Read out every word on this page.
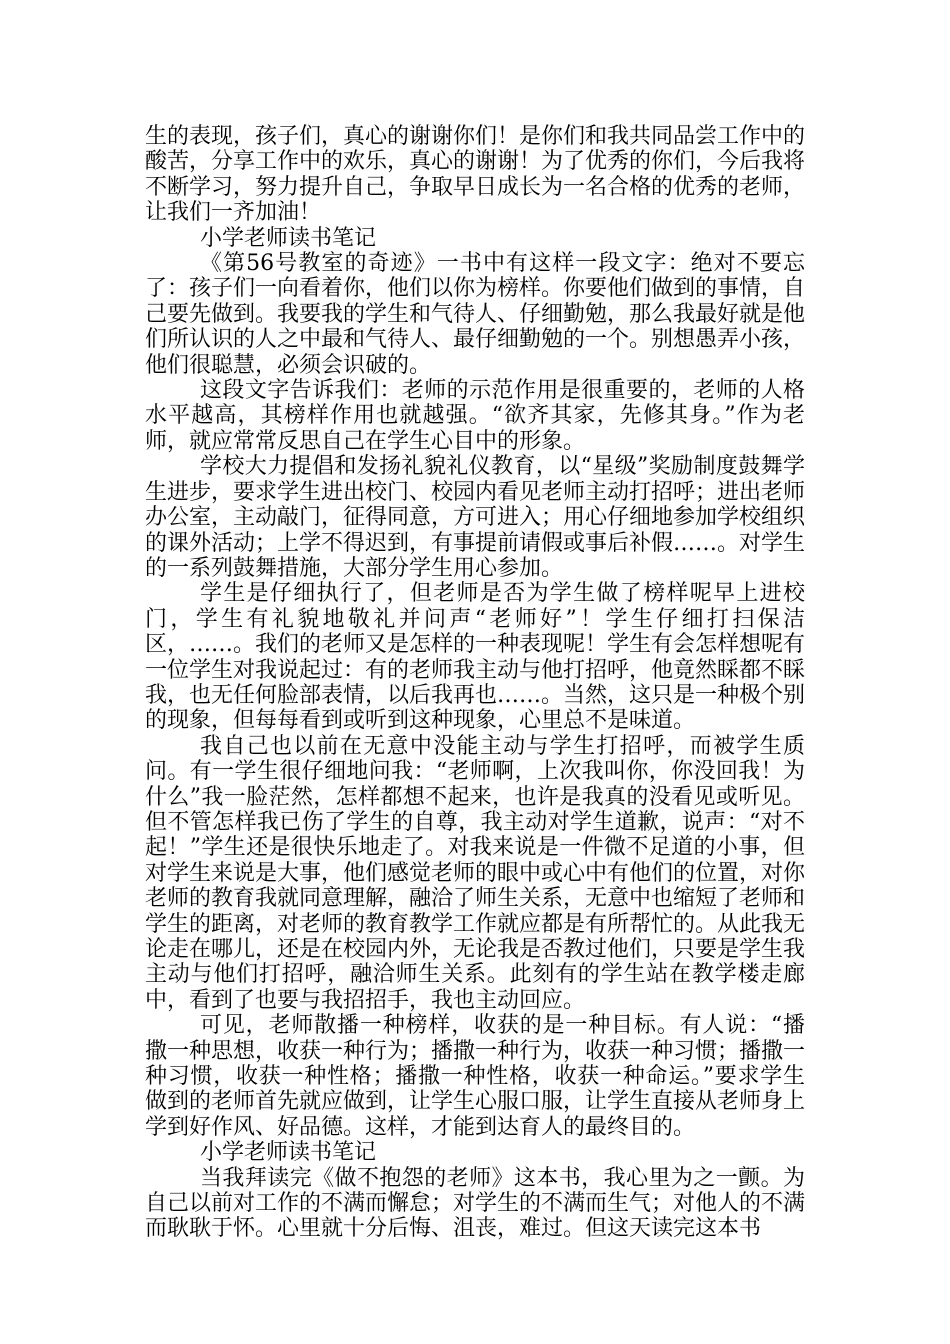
生的表现，孩子们，真心的谢谢你们！是你们和我共同品尝工作中的酸苦，分享工作中的欢乐，真心的谢谢！为了优秀的你们，今后我将不断学习，努力提升自己，争取早日成长为一名合格的优秀的老师，让我们一齐加油！

小学老师读书笔记

《第56号教室的奇迹》一书中有这样一段文字：绝对不要忘了：孩子们一向看着你，他们以你为榜样。你要他们做到的事情，自己要先做到。我要我的学生和气待人、仔细勤勉，那么我最好就是他们所认识的人之中最和气待人、最仔细勤勉的一个。别想愚弄小孩，他们很聪慧，必须会识破的。

这段文字告诉我们：老师的示范作用是很重要的，老师的人格水平越高，其榜样作用也就越强。“欲齐其家，先修其身。”作为老师，就应常常反思自己在学生心目中的形象。

学校大力提倡和发扬礼貌礼仪教育，以“星级”奖励制度鼓舞学生进步，要求学生进出校门、校园内看见老师主动打招呼；进出老师办公室，主动敲门，征得同意，方可进入；用心仔细地参加学校组织的课外活动；上学不得迟到，有事提前请假或事后补假……。对学生的一系列鼓舞措施，大部分学生用心参加。

学生是仔细执行了，但老师是否为学生做了榜样呢早上进校门，学生有礼貌地敬礼并问声“老师好”！学生仔细打扫保洁区，……。我们的老师又是怎样的一种表现呢！学生有会怎样想呢有一位学生对我说起过：有的老师我主动与他打招呼，他竟然睬都不睬我，也无任何脸部表情，以后我再也……。当然，这只是一种极个别的现象，但每每看到或听到这种现象，心里总不是味道。

我自己也以前在无意中没能主动与学生打招呼，而被学生质问。有一学生很仔细地问我：“老师啊，上次我叫你，你没回我！为什么”我一脸茫然，怎样都想不起来，也许是我真的没看见或听见。但不管怎样我已伤了学生的自尊，我主动对学生道歉，说声：“对不起！”学生还是很快乐地走了。对我来说是一件微不足道的小事，但对学生来说是大事，他们感觉老师的眼中或心中有他们的位置，对你老师的教育我就同意理解，融洽了师生关系，无意中也缩短了老师和学生的距离，对老师的教育教学工作就应都是有所帮忙的。从此我无论走在哪儿，还是在校园内外，无论我是否教过他们，只要是学生我主动与他们打招呼，融洽师生关系。此刻有的学生站在教学楼走廊中，看到了也要与我招招手，我也主动回应。

可见，老师散播一种榜样，收获的是一种目标。有人说：“播撒一种思想，收获一种行为；播撒一种行为，收获一种习惯；播撒一种习惯，收获一种性格；播撒一种性格，收获一种命运。”要求学生做到的老师首先就应做到，让学生心服口服，让学生直接从老师身上学到好作风、好品德。这样，才能到达育人的最终目的。

小学老师读书笔记

当我拜读完《做不抱怨的老师》这本书，我心里为之一颤。为自己以前对工作的不满而懈怠；对学生的不满而生气；对他人的不满而耿耿于怀。心里就十分后悔、沮丧，难过。但这天读完这本书
